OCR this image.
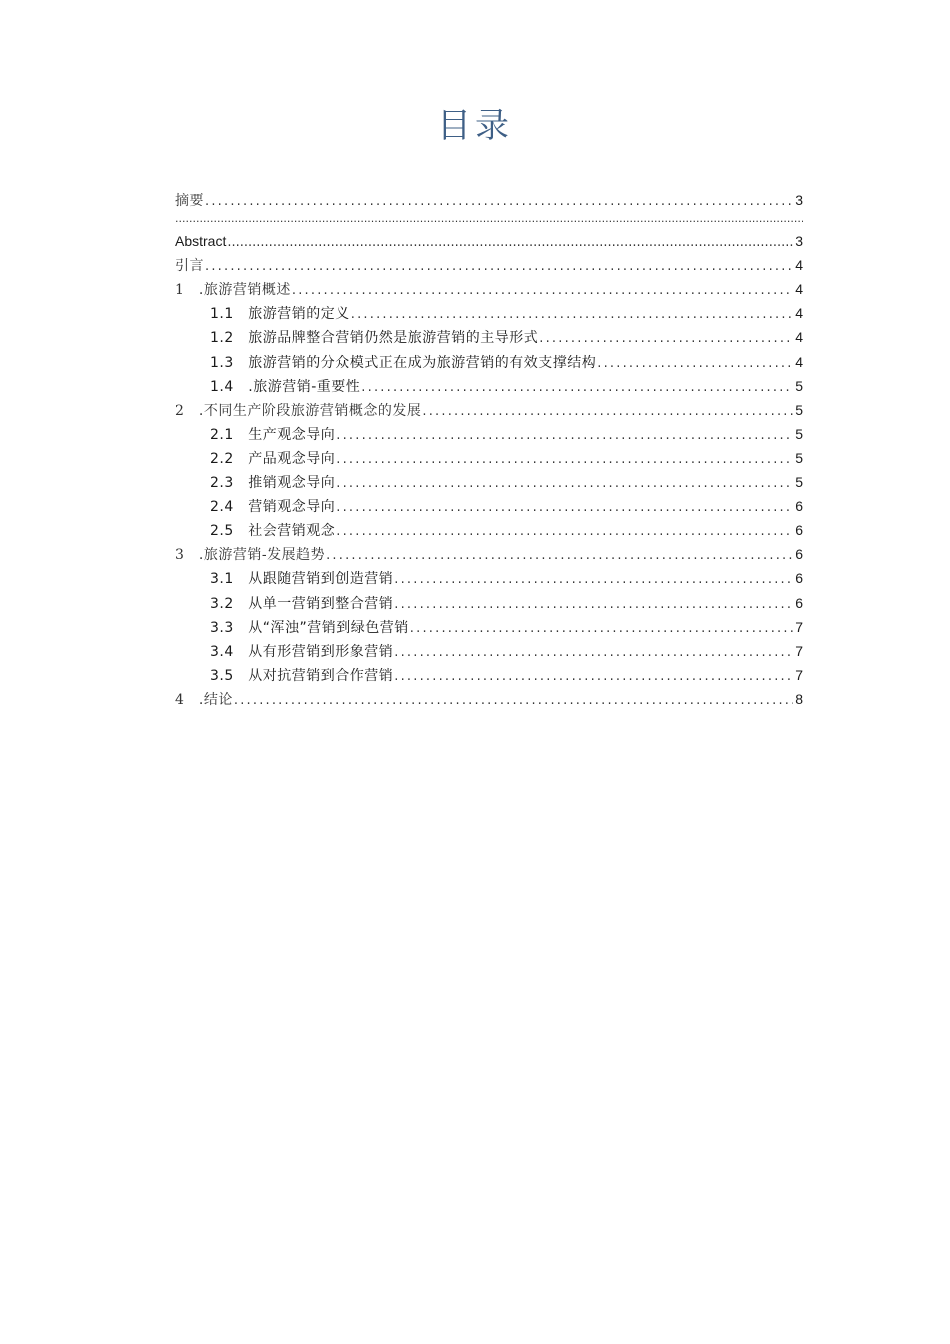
目录
摘要 .....	3
.....
Abstract .....	3
引言 .....	4
1　.旅游营销概述 .....	4
1.1　旅游营销的定义 .....	4
1.2　旅游品牌整合营销仍然是旅游营销的主导形式 .....	4
1.3　旅游营销的分众模式正在成为旅游营销的有效支撑结构 .....	4
1.4　.旅游营销-重要性 .....	5
2　.不同生产阶段旅游营销概念的发展 .....	5
2.1　生产观念导向 .....	5
2.2　产品观念导向 .....	5
2.3　推销观念导向 .....	5
2.4　营销观念导向 .....	6
2.5　社会营销观念 .....	6
3　.旅游营销-发展趋势 .....	6
3.1　从跟随营销到创造营销 .....	6
3.2　从单一营销到整合营销 .....	6
3.3　从“浑浊”营销到绿色营销 .....	7
3.4　从有形营销到形象营销 .....	7
3.5　从对抗营销到合作营销 .....	7
4　.结论 .....	8
